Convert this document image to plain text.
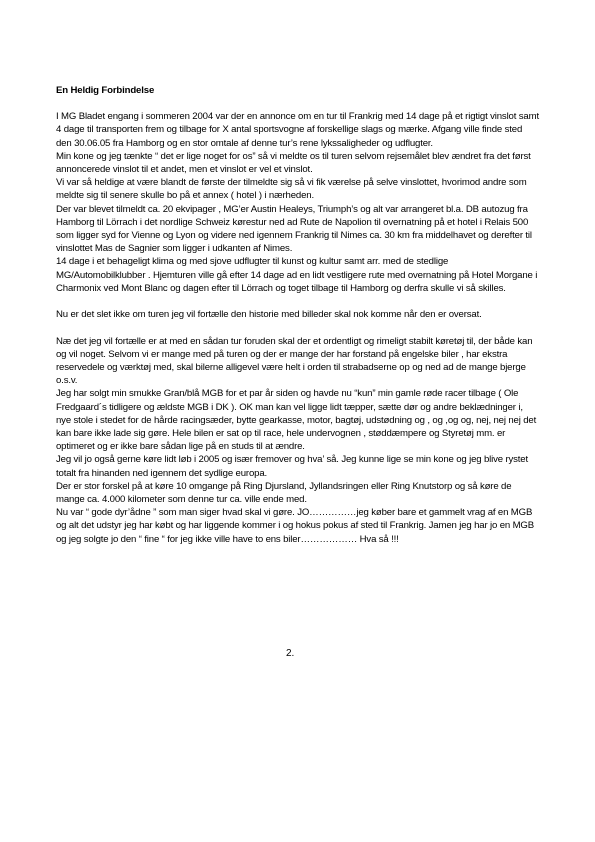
En Heldig Forbindelse

I MG Bladet engang i sommeren 2004 var der en annonce om en tur til Frankrig med 14 dage på et rigtigt vinslot samt 4 dage til transporten frem og tilbage for X antal sportsvogne af forskellige slags og mærke. Afgang ville finde sted den 30.06.05 fra Hamborg og en stor omtale af denne tur’s rene lykssaligheder og udflugter.

Min kone og jeg tænkte “ det er lige noget for os” så vi meldte os til turen selvom rejsemålet blev ændret fra det først annoncerede vinslot til et andet, men et vinslot er vel et vinslot.

Vi var så heldige at være blandt de første der tilmeldte sig så vi fik værelse på selve vinslottet, hvorimod andre som meldte sig til senere skulle bo på et annex ( hotel ) i nærheden.

Der var blevet tilmeldt ca. 20 ekvipager , MG’er Austin Healeys, Triumph’s og alt var arrangeret bl.a. DB autozug fra Hamborg til Lörrach i det nordlige Schweiz kørestur ned ad Rute de Napolion til overnatning på et hotel i Relais 500 som ligger syd for Vienne og Lyon og videre ned igennem Frankrig til Nimes ca. 30 km fra middelhavet og derefter til vinslottet Mas de Sagnier som ligger i udkanten af Nimes.

14 dage i et behageligt klima og med sjove udflugter til kunst og kultur samt arr. med de stedlige MG/Automobilklubber . Hjemturen ville gå efter 14 dage ad en lidt vestligere rute med overnatning på Hotel Morgane i Charmonix ved Mont Blanc og dagen efter til Lörrach og toget tilbage til Hamborg og derfra skulle vi så skilles.

Nu er det slet ikke om turen jeg vil fortælle den historie med billeder skal nok komme når den er oversat.

Næ det jeg vil fortælle er at med en sådan tur foruden skal der et ordentligt og rimeligt stabilt køretøj til, der både kan og vil noget. Selvom vi er mange med på turen og der er mange der har forstand på engelske biler , har ekstra reservedele og værktøj med, skal bilerne alligevel være helt i orden til strabadserne op og ned ad de mange bjerge o.s.v.

Jeg har solgt min smukke Gran/blå MGB for et par år siden og havde nu “kun” min gamle røde racer tilbage ( Ole Fredgaard´s tidligere og ældste MGB i DK ). OK man kan vel ligge lidt tæpper, sætte dør og andre beklædninger i, nye stole i stedet for de hårde racingsæder, bytte gearkasse, motor, bagtøj, udstødning og , og ,og og, nej, nej nej det kan bare ikke lade sig gøre. Hele bilen er sat op til race, hele undervognen , støddæmpere og Styretøj mm. er optimeret og er ikke bare sådan lige på en studs til at ændre.

Jeg vil jo også gerne køre lidt løb i 2005 og især fremover og hva’ så. Jeg kunne lige se min kone og jeg blive rystet totalt fra hinanden ned igennem det sydlige europa.

Der er stor forskel på at køre 10 omgange på Ring Djursland, Jyllandsringen eller Ring Knutstorp og så køre de mange ca. 4.000 kilometer som denne tur ca. ville ende med.

Nu var “ gode dyr’ådne ” som man siger hvad skal vi gøre. JO……………jeg køber bare et gammelt vrag af en MGB og alt det udstyr jeg har købt og har liggende kommer i og hokus pokus af sted til Frankrig. Jamen jeg har jo en MGB og jeg solgte jo den “ fine “ for jeg ikke ville have to ens biler……………… Hva så !!!

2.
